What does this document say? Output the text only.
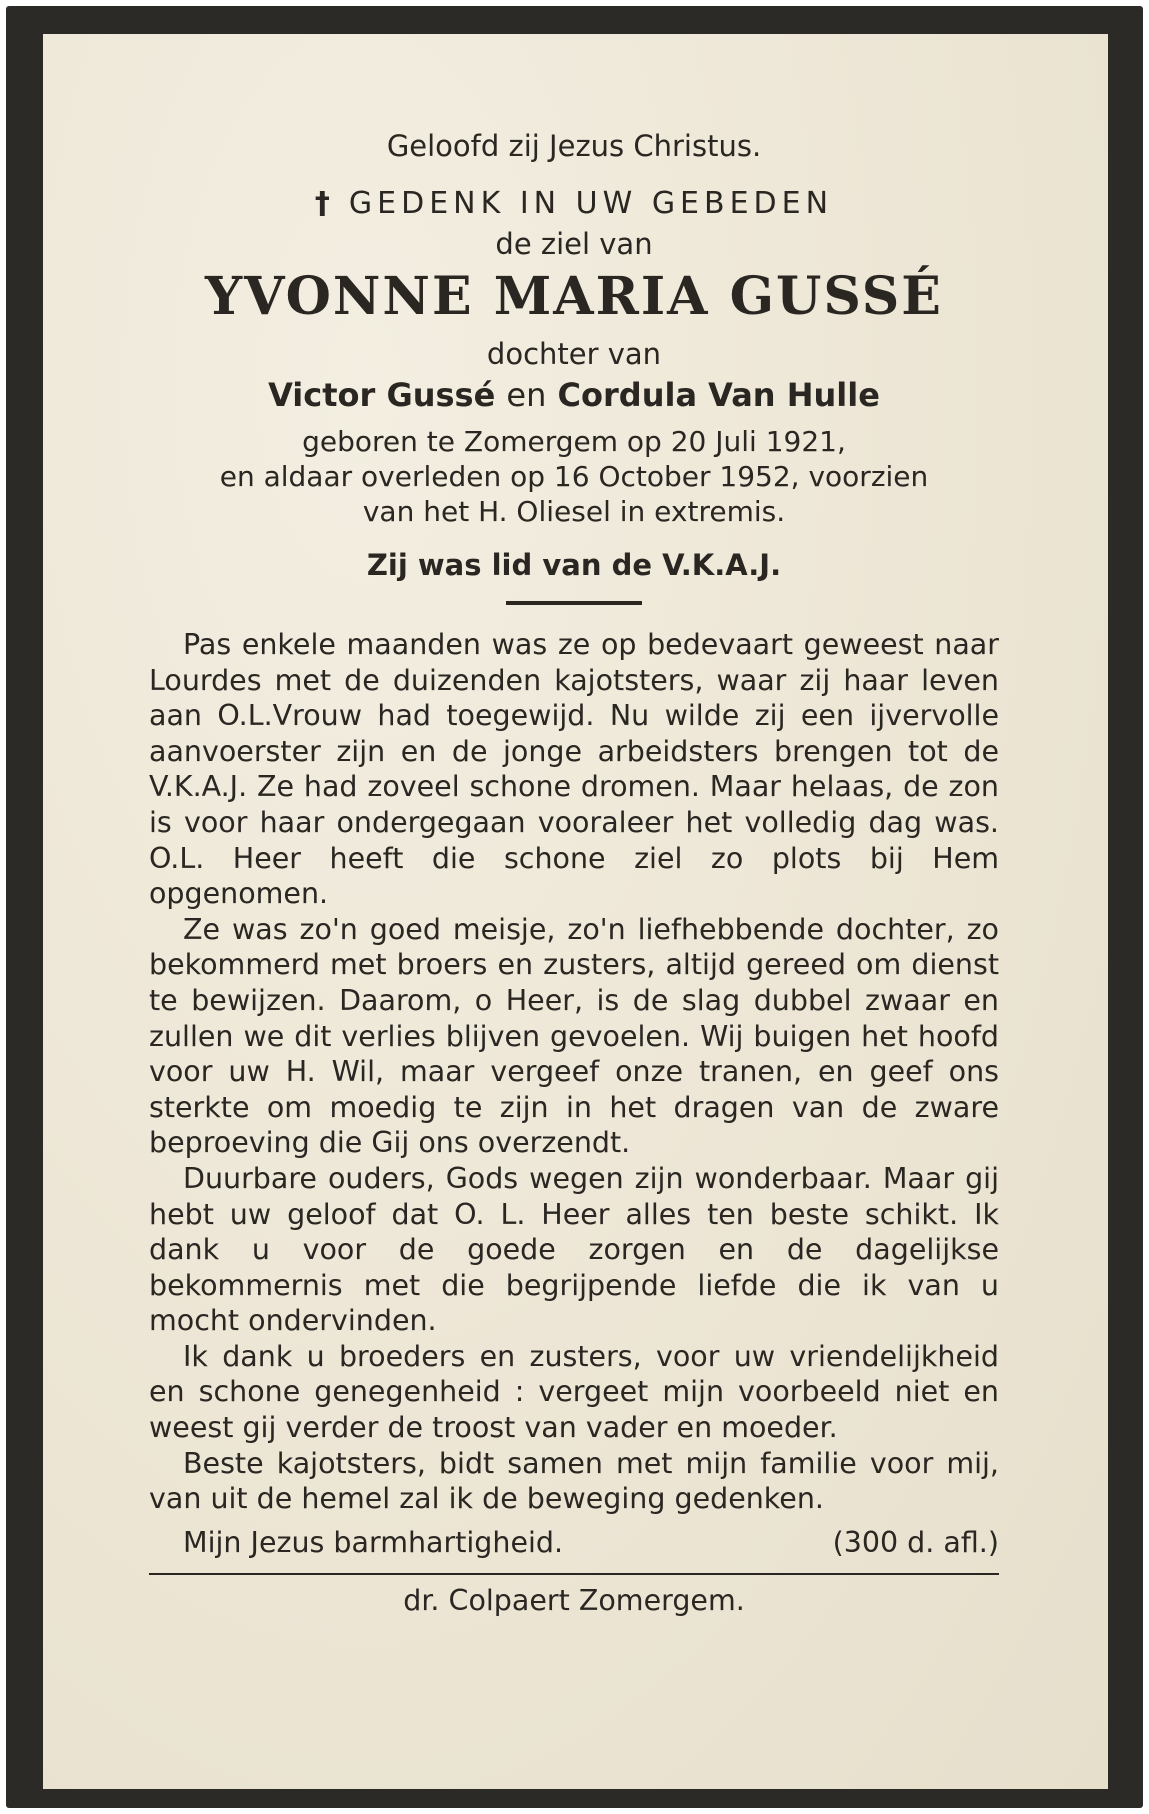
Geloofd zij Jezus Christus.
† GEDENK IN UW GEBEDEN
de ziel van
YVONNE MARIA GUSSÉ
dochter van
Victor Gussé en Cordula Van Hulle
geboren te Zomergem op 20 Juli 1921,
en aldaar overleden op 16 October 1952, voorzien
van het H. Oliesel in extremis.
Zij was lid van de V.K.A.J.

Pas enkele maanden was ze op bedevaart geweest naar Lourdes met de duizenden kajotsters, waar zij haar leven aan O.L.Vrouw had toegewijd. Nu wilde zij een ijvervolle aanvoerster zijn en de jonge arbeidsters brengen tot de V.K.A.J. Ze had zoveel schone dromen. Maar helaas, de zon is voor haar ondergegaan vooraleer het volledig dag was. O.L. Heer heeft die schone ziel zo plots bij Hem opgenomen.

Ze was zo'n goed meisje, zo'n liefhebbende dochter, zo bekommerd met broers en zusters, altijd gereed om dienst te bewijzen. Daarom, o Heer, is de slag dubbel zwaar en zullen we dit verlies blijven gevoelen. Wij buigen het hoofd voor uw H. Wil, maar vergeef onze tranen, en geef ons sterkte om moedig te zijn in het dragen van de zware beproeving die Gij ons overzendt.

Duurbare ouders, Gods wegen zijn wonderbaar. Maar gij hebt uw geloof dat O. L. Heer alles ten beste schikt. Ik dank u voor de goede zorgen en de dagelijkse bekommernis met die begrijpende liefde die ik van u mocht ondervinden.

Ik dank u broeders en zusters, voor uw vriendelijkheid en schone genegenheid : vergeet mijn voorbeeld niet en weest gij verder de troost van vader en moeder.

Beste kajotsters, bidt samen met mijn familie voor mij, van uit de hemel zal ik de beweging gedenken.

Mijn Jezus barmhartigheid.	(300 d. afl.)
dr. Colpaert Zomergem.
